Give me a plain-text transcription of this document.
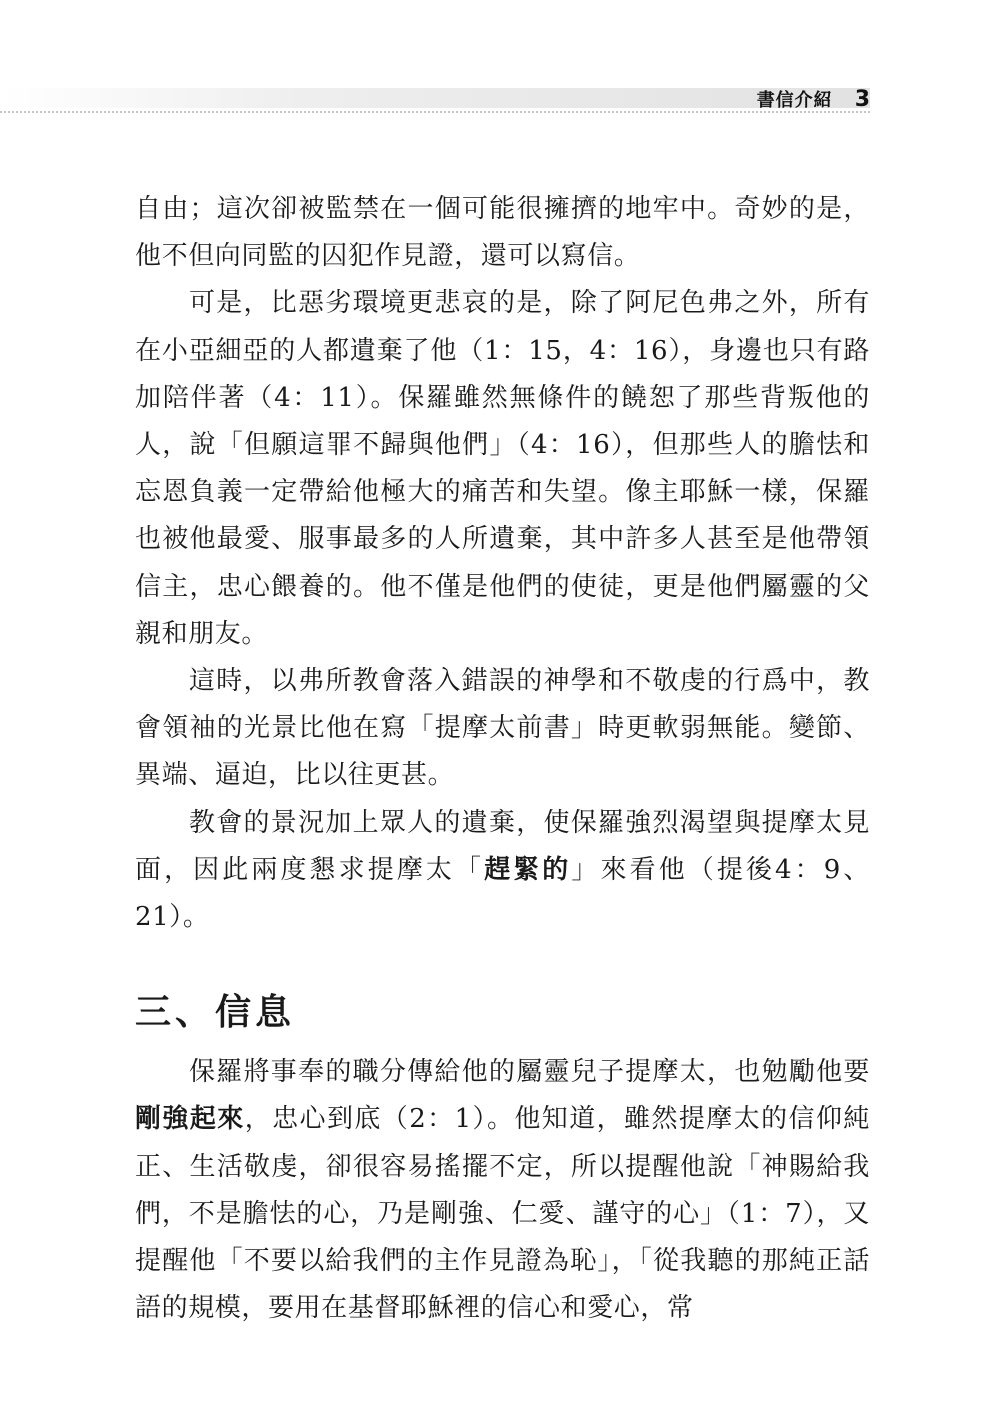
書信介紹 3

自由；這次卻被監禁在一個可能很擁擠的地牢中。奇妙的是，他不但向同監的囚犯作見證，還可以寫信。

可是，比惡劣環境更悲哀的是，除了阿尼色弗之外，所有在小亞細亞的人都遺棄了他（1：15，4：16），身邊也只有路加陪伴著（4：11）。保羅雖然無條件的饒恕了那些背叛他的人，說「但願這罪不歸與他們」（4：16），但那些人的膽怯和忘恩負義一定帶給他極大的痛苦和失望。像主耶穌一樣，保羅也被他最愛、服事最多的人所遺棄，其中許多人甚至是他帶領信主，忠心餵養的。他不僅是他們的使徒，更是他們屬靈的父親和朋友。

這時，以弗所教會落入錯誤的神學和不敬虔的行爲中，教會領袖的光景比他在寫「提摩太前書」時更軟弱無能。變節、異端、逼迫，比以往更甚。

教會的景況加上眾人的遺棄，使保羅強烈渴望與提摩太見面，因此兩度懇求提摩太「趕緊的」來看他（提後4：9、21）。

三、信息

保羅將事奉的職分傳給他的屬靈兒子提摩太，也勉勵他要剛強起來，忠心到底（2：1）。他知道，雖然提摩太的信仰純正、生活敬虔，卻很容易搖擺不定，所以提醒他說「神賜給我們，不是膽怯的心，乃是剛強、仁愛、謹守的心」（1：7），又提醒他「不要以給我們的主作見證為恥」，「從我聽的那純正話語的規模，要用在基督耶穌裡的信心和愛心，常
